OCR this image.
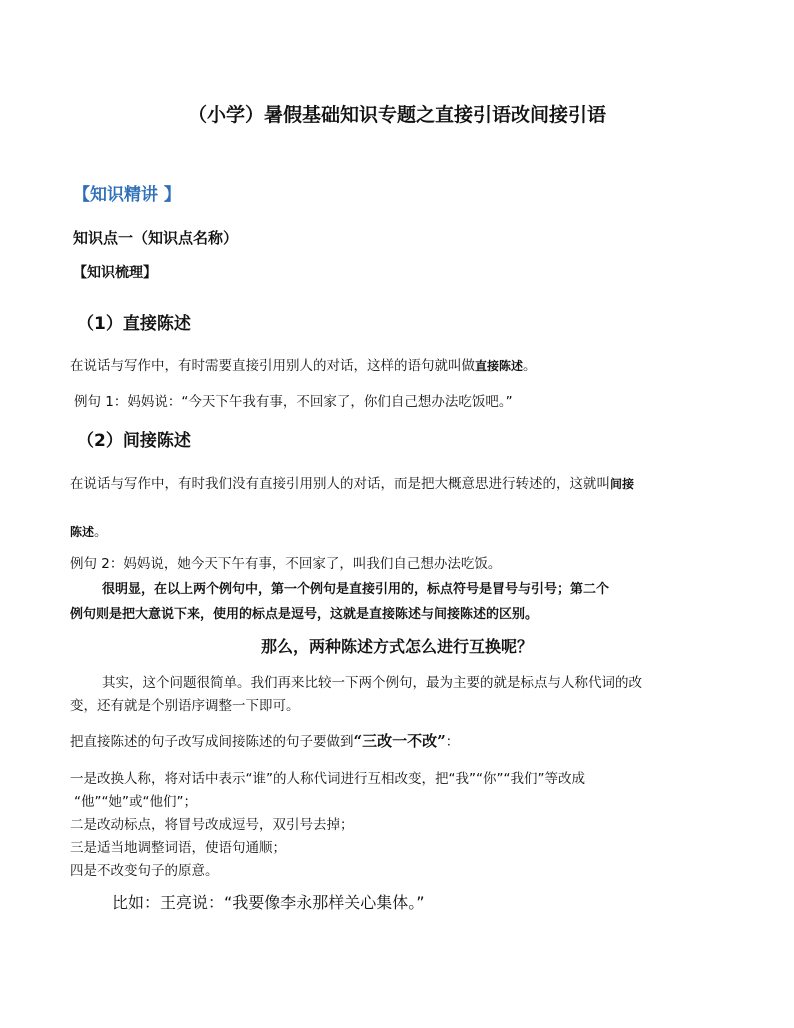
（小学）暑假基础知识专题之直接引语改间接引语
【知识精讲 】
知识点一（知识点名称）
【知识梳理】
（1）直接陈述
在说话与写作中，有时需要直接引用别人的对话，这样的语句就叫做直接陈述。
例句 1：妈妈说：“今天下午我有事，不回家了，你们自己想办法吃饭吧。”
（2）间接陈述
在说话与写作中，有时我们没有直接引用别人的对话，而是把大概意思进行转述的，这就叫间接
陈述。
例句 2：妈妈说，她今天下午有事，不回家了，叫我们自己想办法吃饭。
很明显，在以上两个例句中，第一个例句是直接引用的，标点符号是冒号与引号；第二个
例句则是把大意说下来，使用的标点是逗号，这就是直接陈述与间接陈述的区别。
那么，两种陈述方式怎么进行互换呢？
其实，这个问题很简单。我们再来比较一下两个例句，最为主要的就是标点与人称代词的改
变，还有就是个别语序调整一下即可。
把直接陈述的句子改写成间接陈述的句子要做到“三改一不改”：
一是改换人称，将对话中表示“谁”的人称代词进行互相改变，把“我”“你”“我们”等改成
“他”“她”或“他们”；
二是改动标点，将冒号改成逗号，双引号去掉；
三是适当地调整词语，使语句通顺；
四是不改变句子的原意。
比如：王亮说：“我要像李永那样关心集体。”
